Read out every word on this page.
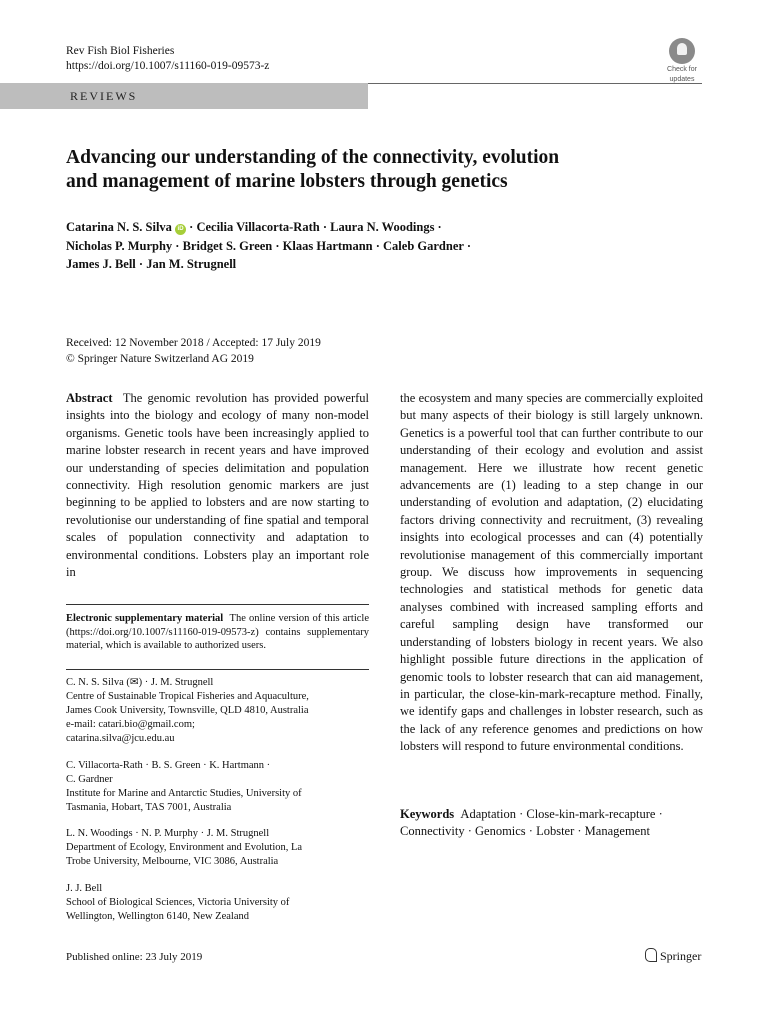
Rev Fish Biol Fisheries
https://doi.org/10.1007/s11160-019-09573-z	Check for
updates
REVIEWS
Advancing our understanding of the connectivity, evolution
and management of marine lobsters through genetics
Catarina N. S. Silva iD · Cecilia Villacorta-Rath · Laura N. Woodings ·
Nicholas P. Murphy · Bridget S. Green · Klaas Hartmann · Caleb Gardner ·
James J. Bell · Jan M. Strugnell
Received: 12 November 2018 / Accepted: 17 July 2019
© Springer Nature Switzerland AG 2019

Abstract The genomic revolution has provided powerful insights into the biology and ecology of many non-model organisms. Genetic tools have been increasingly applied to marine lobster research in recent years and have improved our understanding of species delimitation and population connectivity. High resolution genomic markers are just beginning to be applied to lobsters and are now starting to revolutionise our understanding of fine spatial and temporal scales of population connectivity and adaptation to environmental conditions. Lobsters play an important role in

Electronic supplementary material The online version of this article (https://doi.org/10.1007/s11160-019-09573-z) contains supplementary material, which is available to authorized users.
C. N. S. Silva (✉) · J. M. Strugnell
Centre of Sustainable Tropical Fisheries and Aquaculture,
James Cook University, Townsville, QLD 4810, Australia
e-mail: catari.bio@gmail.com;
catarina.silva@jcu.edu.au
C. Villacorta-Rath · B. S. Green · K. Hartmann ·
C. Gardner
Institute for Marine and Antarctic Studies, University of
Tasmania, Hobart, TAS 7001, Australia
L. N. Woodings · N. P. Murphy · J. M. Strugnell
Department of Ecology, Environment and Evolution, La
Trobe University, Melbourne, VIC 3086, Australia
J. J. Bell
School of Biological Sciences, Victoria University of
Wellington, Wellington 6140, New Zealand

the ecosystem and many species are commercially exploited but many aspects of their biology is still largely unknown. Genetics is a powerful tool that can further contribute to our understanding of their ecology and evolution and assist management. Here we illustrate how recent genetic advancements are (1) leading to a step change in our understanding of evolution and adaptation, (2) elucidating factors driving connectivity and recruitment, (3) revealing insights into ecological processes and can (4) potentially revolutionise management of this commercially important group. We discuss how improvements in sequencing technologies and statistical methods for genetic data analyses combined with increased sampling efforts and careful sampling design have transformed our understanding of lobsters biology in recent years. We also highlight possible future directions in the application of genomic tools to lobster research that can aid management, in particular, the close-kin-mark-recapture method. Finally, we identify gaps and challenges in lobster research, such as the lack of any reference genomes and predictions on how lobsters will respond to future environmental conditions.

Keywords Adaptation · Close-kin-mark-recapture · Connectivity · Genomics · Lobster · Management
Published online: 23 July 2019	Springer
